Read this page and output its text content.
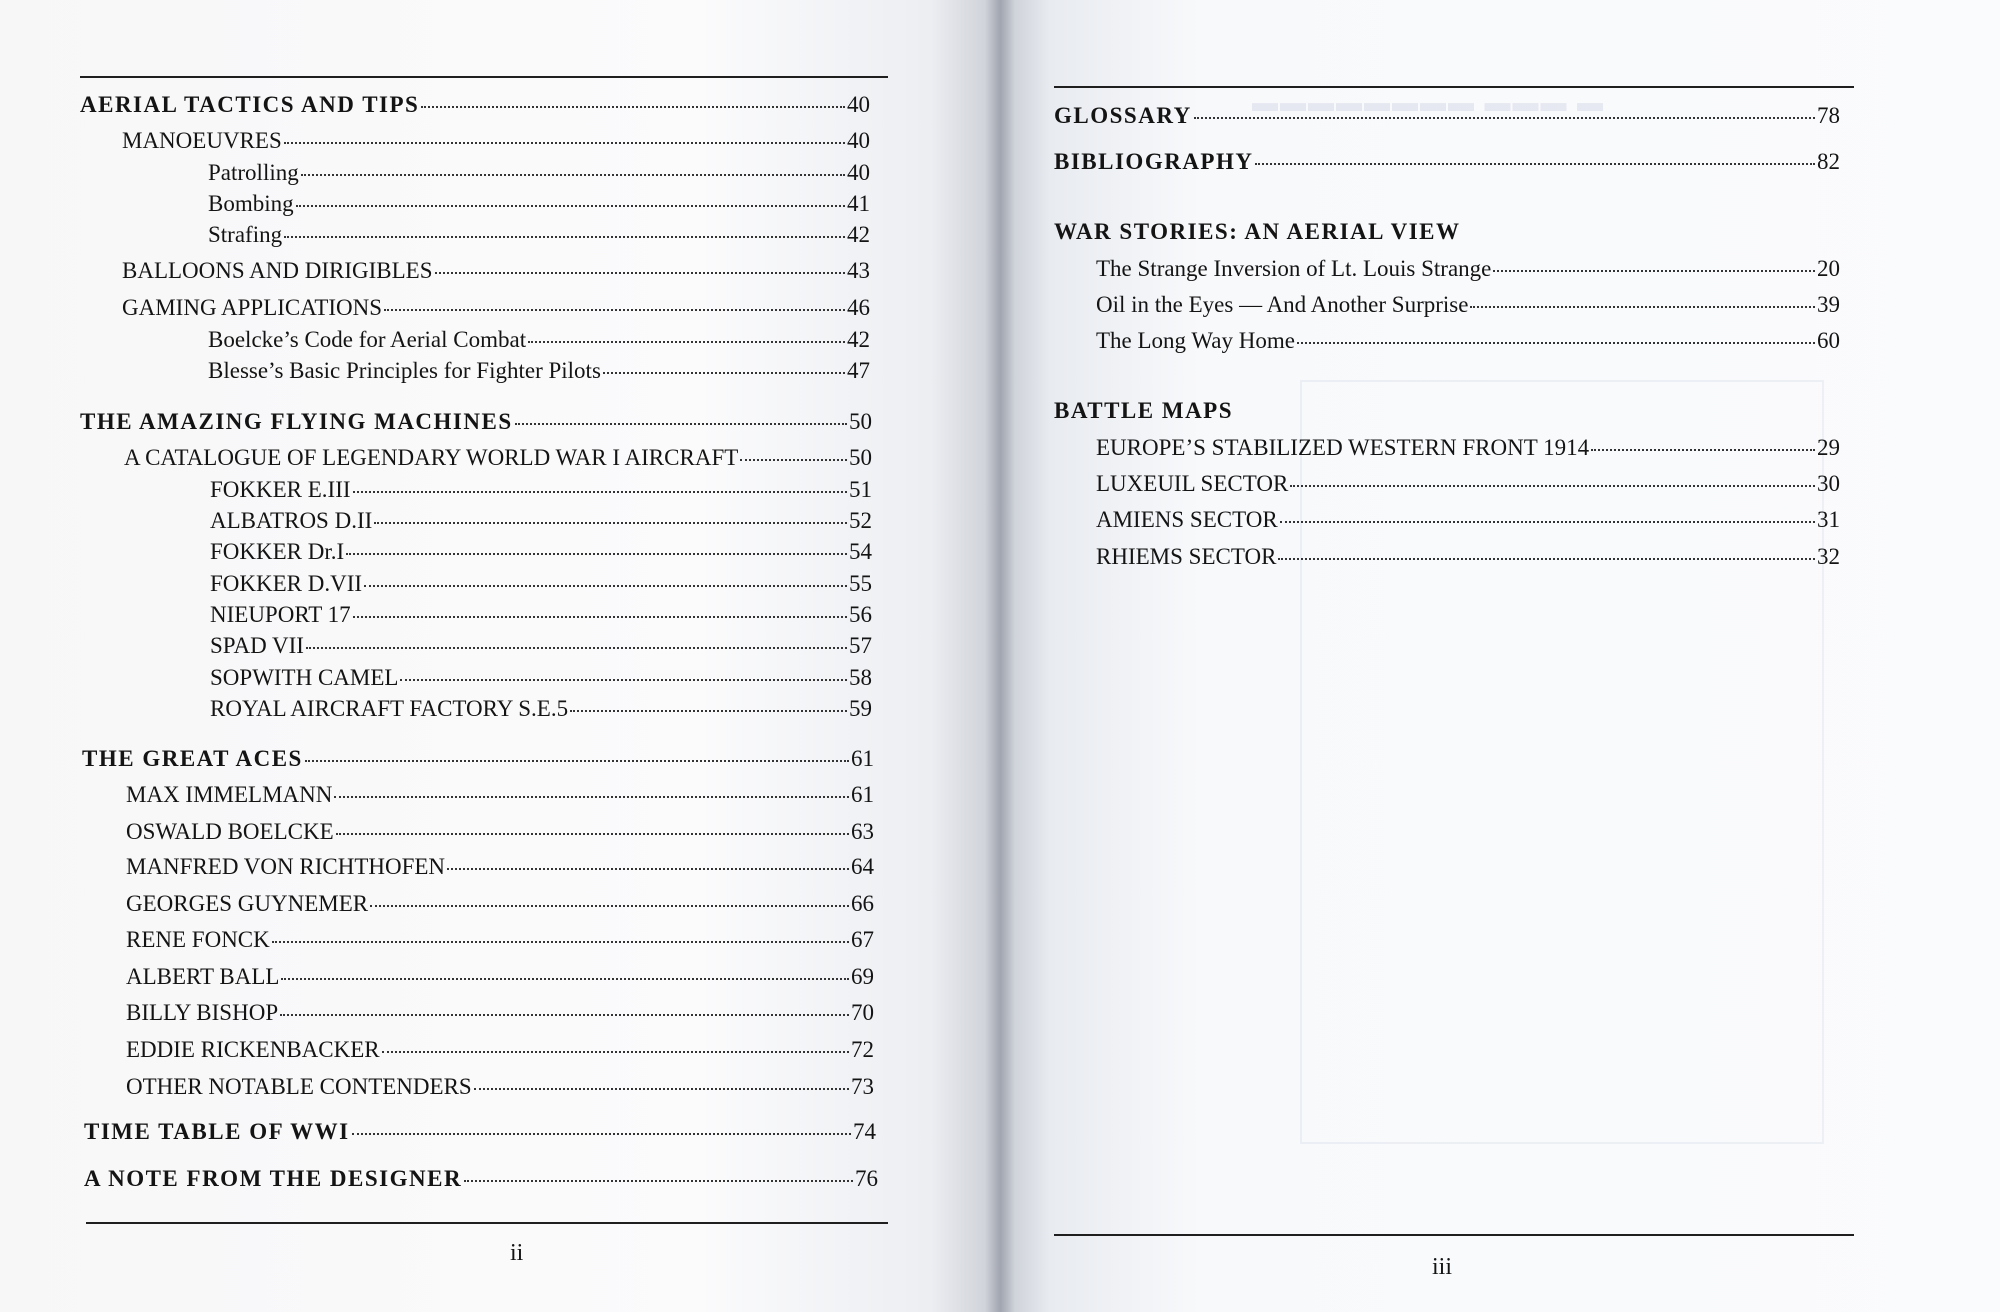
AERIAL TACTICS AND TIPS	40
MANOEUVRES	40
Patrolling	40
Bombing	41
Strafing	42
BALLOONS AND DIRIGIBLES	43
GAMING APPLICATIONS	46
Boelcke’s Code for Aerial Combat	42
Blesse’s Basic Principles for Fighter Pilots	47
THE AMAZING FLYING MACHINES	50
A CATALOGUE OF LEGENDARY WORLD WAR I AIRCRAFT	50
FOKKER E.III	51
ALBATROS D.II	52
FOKKER Dr.I	54
FOKKER D.VII	55
NIEUPORT 17	56
SPAD VII	57
SOPWITH CAMEL	58
ROYAL AIRCRAFT FACTORY S.E.5	59
THE GREAT ACES	61
MAX IMMELMANN	61
OSWALD BOELCKE	63
MANFRED VON RICHTHOFEN	64
GEORGES GUYNEMER	66
RENE FONCK	67
ALBERT BALL	69
BILLY BISHOP	70
EDDIE RICKENBACKER	72
OTHER NOTABLE CONTENDERS	73
TIME TABLE OF WWI	74
A NOTE FROM THE DESIGNER	76
ii
▬ ▬▬▬ ▬▬▬▬▬▬▬▬
GLOSSARY	78
BIBLIOGRAPHY	82
WAR STORIES: AN AERIAL VIEW
The Strange Inversion of Lt. Louis Strange	20
Oil in the Eyes — And Another Surprise	39
The Long Way Home	60
BATTLE MAPS
EUROPE’S STABILIZED WESTERN FRONT 1914	29
LUXEUIL SECTOR	30
AMIENS SECTOR	31
RHIEMS SECTOR	32
iii
